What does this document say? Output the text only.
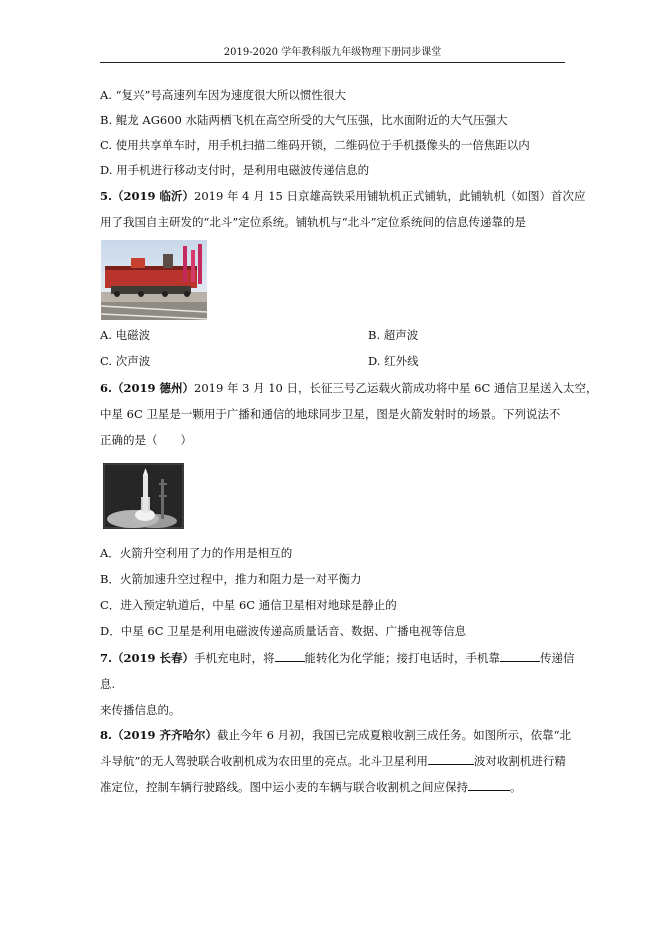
2019-2020 学年教科版九年级物理下册同步课堂
A. “复兴”号高速列车因为速度很大所以惯性很大
B. 鲲龙 AG600 水陆两栖飞机在高空所受的大气压强，比水面附近的大气压强大
C. 使用共享单车时，用手机扫描二维码开锁，二维码位于手机摄像头的一倍焦距以内
D. 用手机进行移动支付时，是利用电磁波传递信息的
5.（2019 临沂）2019 年 4 月 15 日京雄高铁采用铺轨机正式铺轨，此铺轨机（如图）首次应
用了我国自主研发的“北斗”定位系统。铺轨机与“北斗”定位系统间的信息传递靠的是
A. 电磁波	B. 超声波
C. 次声波	D. 红外线
6.（2019 德州）2019 年 3 月 10 日，长征三号乙运载火箭成功将中星 6C 通信卫星送入太空，
中星 6C 卫星是一颗用于广播和通信的地球同步卫星，图是火箭发射时的场景。下列说法不
正确的是（　　）
A．火箭升空利用了力的作用是相互的
B．火箭加速升空过程中，推力和阻力是一对平衡力
C．进入预定轨道后，中星 6C 通信卫星相对地球是静止的
D．中星 6C 卫星是利用电磁波传递高质量话音、数据、广播电视等信息
7.（2019 长春）手机充电时，将	能转化为化学能；接打电话时，手机靠	传递信
息.
来传播信息的。
8.（2019 齐齐哈尔）截止今年 6 月初，我国已完成夏粮收割三成任务。如图所示，依靠“北
斗导航”的无人驾驶联合收割机成为农田里的亮点。北斗卫星利用	波对收割机进行精
准定位，控制车辆行驶路线。图中运小麦的车辆与联合收割机之间应保持	。
